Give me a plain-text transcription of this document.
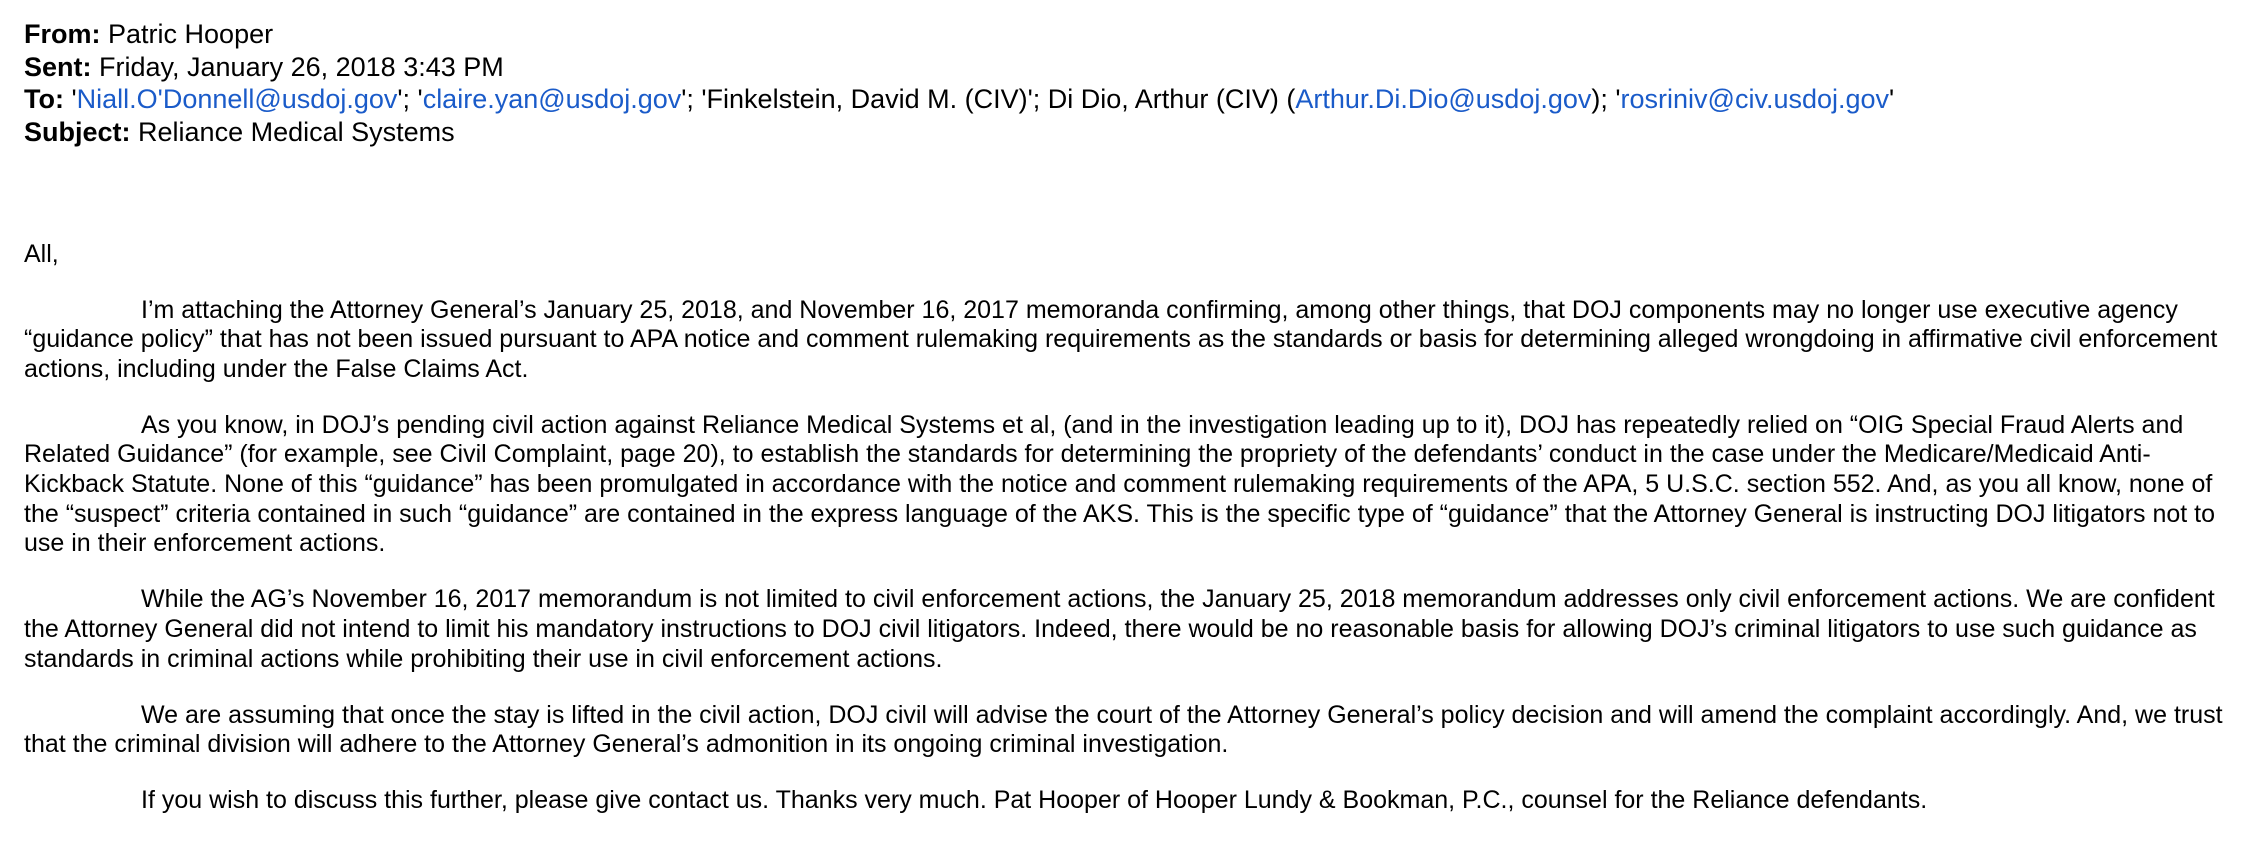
From: Patric Hooper
Sent: Friday, January 26, 2018 3:43 PM
To: 'Niall.O'Donnell@usdoj.gov'; 'claire.yan@usdoj.gov'; 'Finkelstein, David M. (CIV)'; Di Dio, Arthur (CIV) (Arthur.Di.Dio@usdoj.gov); 'rosriniv@civ.usdoj.gov'
Subject: Reliance Medical Systems

All,

I’m attaching the Attorney General’s January 25, 2018, and November 16, 2017 memoranda confirming, among other things, that DOJ components may no longer use executive agency “guidance policy” that has not been issued pursuant to APA notice and comment rulemaking requirements as the standards or basis for determining alleged wrongdoing in affirmative civil enforcement actions, including under the False Claims Act.

As you know, in DOJ’s pending civil action against Reliance Medical Systems et al, (and in the investigation leading up to it), DOJ has repeatedly relied on “OIG Special Fraud Alerts and Related Guidance” (for example, see Civil Complaint, page 20), to establish the standards for determining the propriety of the defendants’ conduct in the case under the Medicare/Medicaid Anti-Kickback Statute. None of this “guidance” has been promulgated in accordance with the notice and comment rulemaking requirements of the APA, 5 U.S.C. section 552. And, as you all know, none of the “suspect” criteria contained in such “guidance” are contained in the express language of the AKS. This is the specific type of “guidance” that the Attorney General is instructing DOJ litigators not to use in their enforcement actions.

While the AG’s November 16, 2017 memorandum is not limited to civil enforcement actions, the January 25, 2018 memorandum addresses only civil enforcement actions. We are confident the Attorney General did not intend to limit his mandatory instructions to DOJ civil litigators. Indeed, there would be no reasonable basis for allowing DOJ’s criminal litigators to use such guidance as standards in criminal actions while prohibiting their use in civil enforcement actions.

We are assuming that once the stay is lifted in the civil action, DOJ civil will advise the court of the Attorney General’s policy decision and will amend the complaint accordingly. And, we trust that the criminal division will adhere to the Attorney General’s admonition in its ongoing criminal investigation.

If you wish to discuss this further, please give contact us. Thanks very much. Pat Hooper of Hooper Lundy & Bookman, P.C., counsel for the Reliance defendants.
